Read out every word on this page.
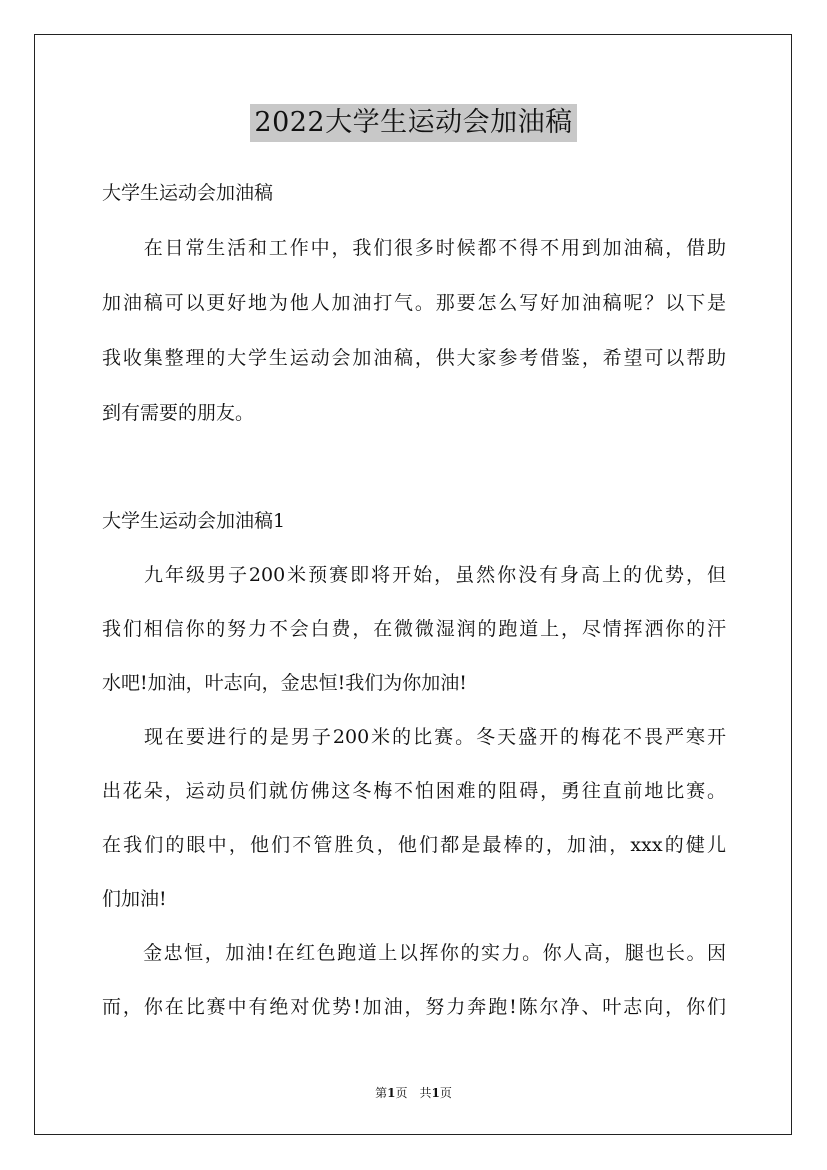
2022大学生运动会加油稿
大学生运动会加油稿
　　在日常生活和工作中，我们很多时候都不得不用到加油稿，借助
加油稿可以更好地为他人加油打气。那要怎么写好加油稿呢？以下是
我收集整理的大学生运动会加油稿，供大家参考借鉴，希望可以帮助
到有需要的朋友。
大学生运动会加油稿1
　　九年级男子200米预赛即将开始，虽然你没有身高上的优势，但
我们相信你的努力不会白费，在微微湿润的跑道上，尽情挥洒你的汗
水吧!加油，叶志向，金忠恒!我们为你加油!
　　现在要进行的是男子200米的比赛。冬天盛开的梅花不畏严寒开
出花朵，运动员们就仿佛这冬梅不怕困难的阻碍，勇往直前地比赛。
在我们的眼中，他们不管胜负，他们都是最棒的，加油，xxx的健儿
们加油!
　　金忠恒，加油!在红色跑道上以挥你的实力。你人高，腿也长。因
而，你在比赛中有绝对优势!加油，努力奔跑!陈尔净、叶志向，你们
第1页　共1页
